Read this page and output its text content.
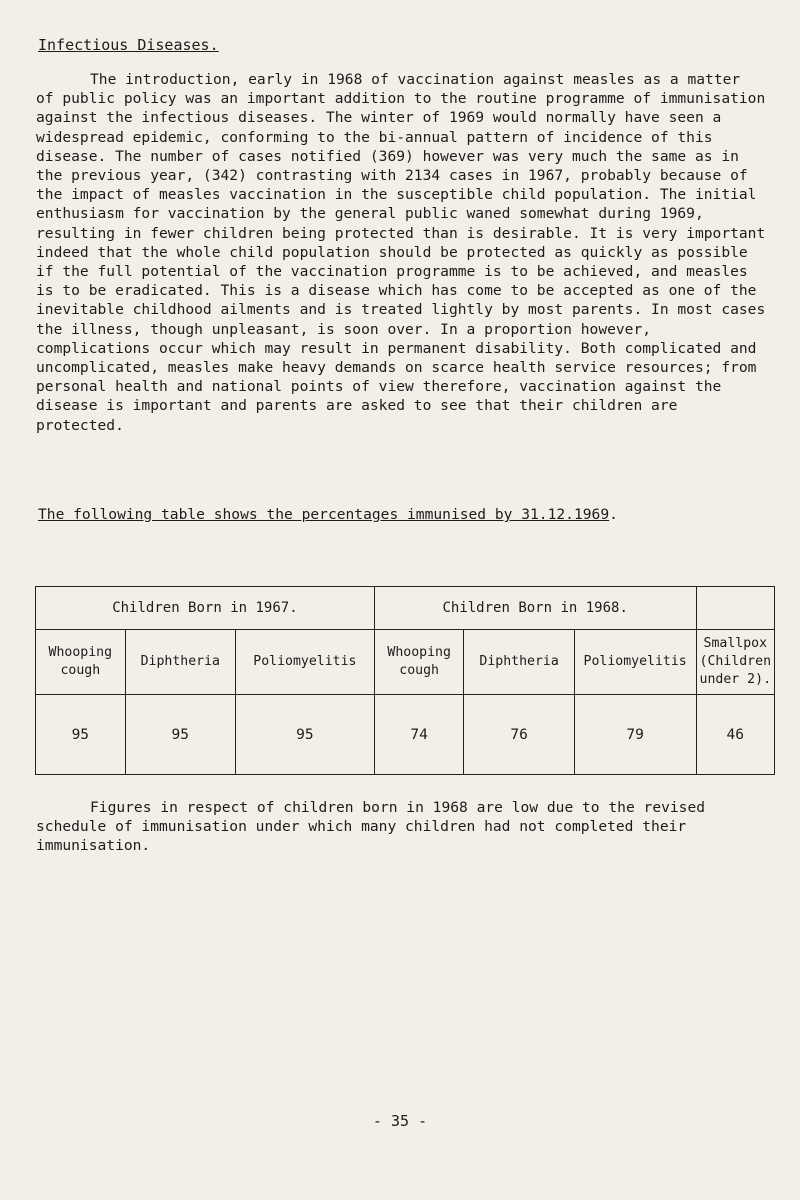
Infectious Diseases.
The introduction, early in 1968 of vaccination against measles as a matter of public policy was an important addition to the routine programme of immunisation against the infectious diseases. The winter of 1969 would normally have seen a widespread epidemic, conforming to the bi-annual pattern of incidence of this disease. The number of cases notified (369) however was very much the same as in the previous year, (342) contrasting with 2134 cases in 1967, probably because of the impact of measles vaccination in the susceptible child population. The initial enthusiasm for vaccination by the general public waned somewhat during 1969, resulting in fewer children being protected than is desirable. It is very important indeed that the whole child population should be protected as quickly as possible if the full potential of the vaccination programme is to be achieved, and measles is to be eradicated. This is a disease which has come to be accepted as one of the inevitable childhood ailments and is treated lightly by most parents. In most cases the illness, though unpleasant, is soon over. In a proportion however, complications occur which may result in permanent disability. Both complicated and uncomplicated, measles make heavy demands on scarce health service resources; from personal health and national points of view therefore, vaccination against the disease is important and parents are asked to see that their children are protected.
The following table shows the percentages immunised by 31.12.1969.
Children Born in 1967.			Children Born in 1968.			
Whooping cough	Diphtheria	Poliomyelitis	Whooping cough	Diphtheria	Poliomyelitis	Smallpox (Children under 2).
95	95	95	74	76	79	46
Figures in respect of children born in 1968 are low due to the revised schedule of immunisation under which many children had not completed their immunisation.
- 35 -
